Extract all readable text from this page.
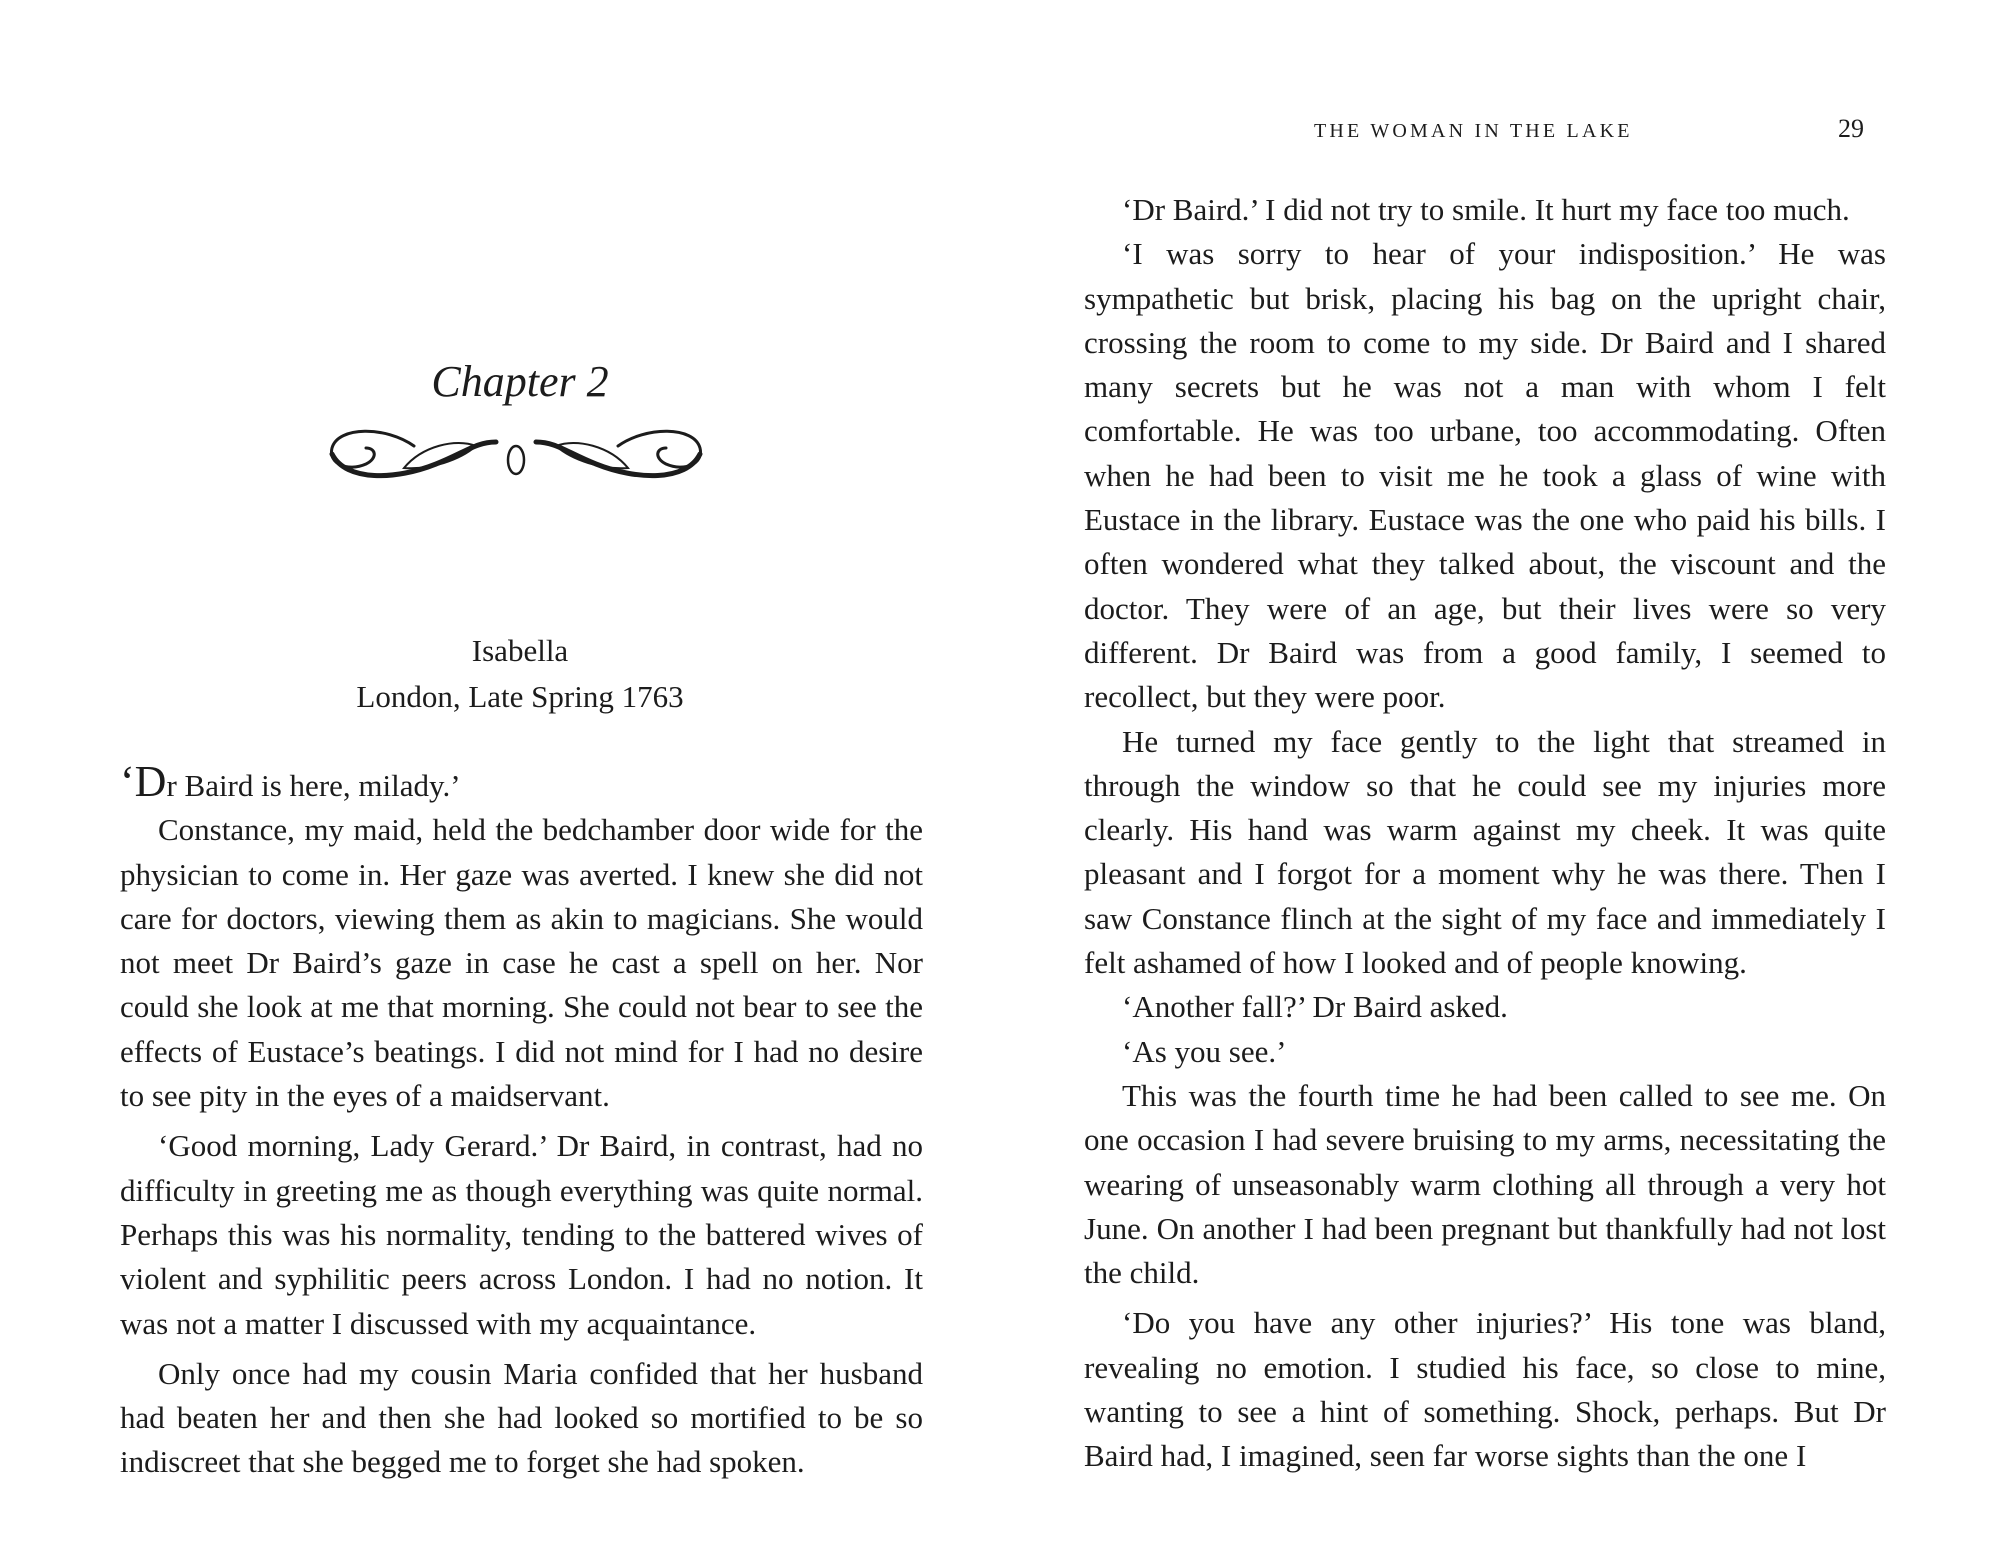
Chapter 2
Isabella
London, Late Spring 1763

‘Dr Baird is here, milady.’

Constance, my maid, held the bedchamber door wide for the physician to come in. Her gaze was averted. I knew she did not care for doctors, viewing them as akin to magicians. She would not meet Dr Baird’s gaze in case he cast a spell on her. Nor could she look at me that morning. She could not bear to see the effects of Eustace’s beatings. I did not mind for I had no desire to see pity in the eyes of a maidservant.

‘Good morning, Lady Gerard.’ Dr Baird, in contrast, had no difficulty in greeting me as though everything was quite normal. Perhaps this was his normality, tending to the battered wives of violent and syphilitic peers across London. I had no notion. It was not a matter I discussed with my acquaintance.

Only once had my cousin Maria confided that her husband had beaten her and then she had looked so mortified to be so indiscreet that she begged me to forget she had spoken.

THE WOMAN IN THE LAKE	29

‘Dr Baird.’ I did not try to smile. It hurt my face too much.

‘I was sorry to hear of your indisposition.’ He was sympathetic but brisk, placing his bag on the upright chair, crossing the room to come to my side. Dr Baird and I shared many secrets but he was not a man with whom I felt comfortable. He was too urbane, too accommodating. Often when he had been to visit me he took a glass of wine with Eustace in the library. Eustace was the one who paid his bills. I often wondered what they talked about, the viscount and the doctor. They were of an age, but their lives were so very different. Dr Baird was from a good family, I seemed to recollect, but they were poor.

He turned my face gently to the light that streamed in through the window so that he could see my injuries more clearly. His hand was warm against my cheek. It was quite pleasant and I forgot for a moment why he was there. Then I saw Constance flinch at the sight of my face and immediately I felt ashamed of how I looked and of people knowing.

‘Another fall?’ Dr Baird asked.

‘As you see.’

This was the fourth time he had been called to see me. On one occasion I had severe bruising to my arms, necessitating the wearing of unseasonably warm clothing all through a very hot June. On another I had been pregnant but thankfully had not lost the child.

‘Do you have any other injuries?’ His tone was bland, revealing no emotion. I studied his face, so close to mine, wanting to see a hint of something. Shock, perhaps. But Dr Baird had, I imagined, seen far worse sights than the one I
